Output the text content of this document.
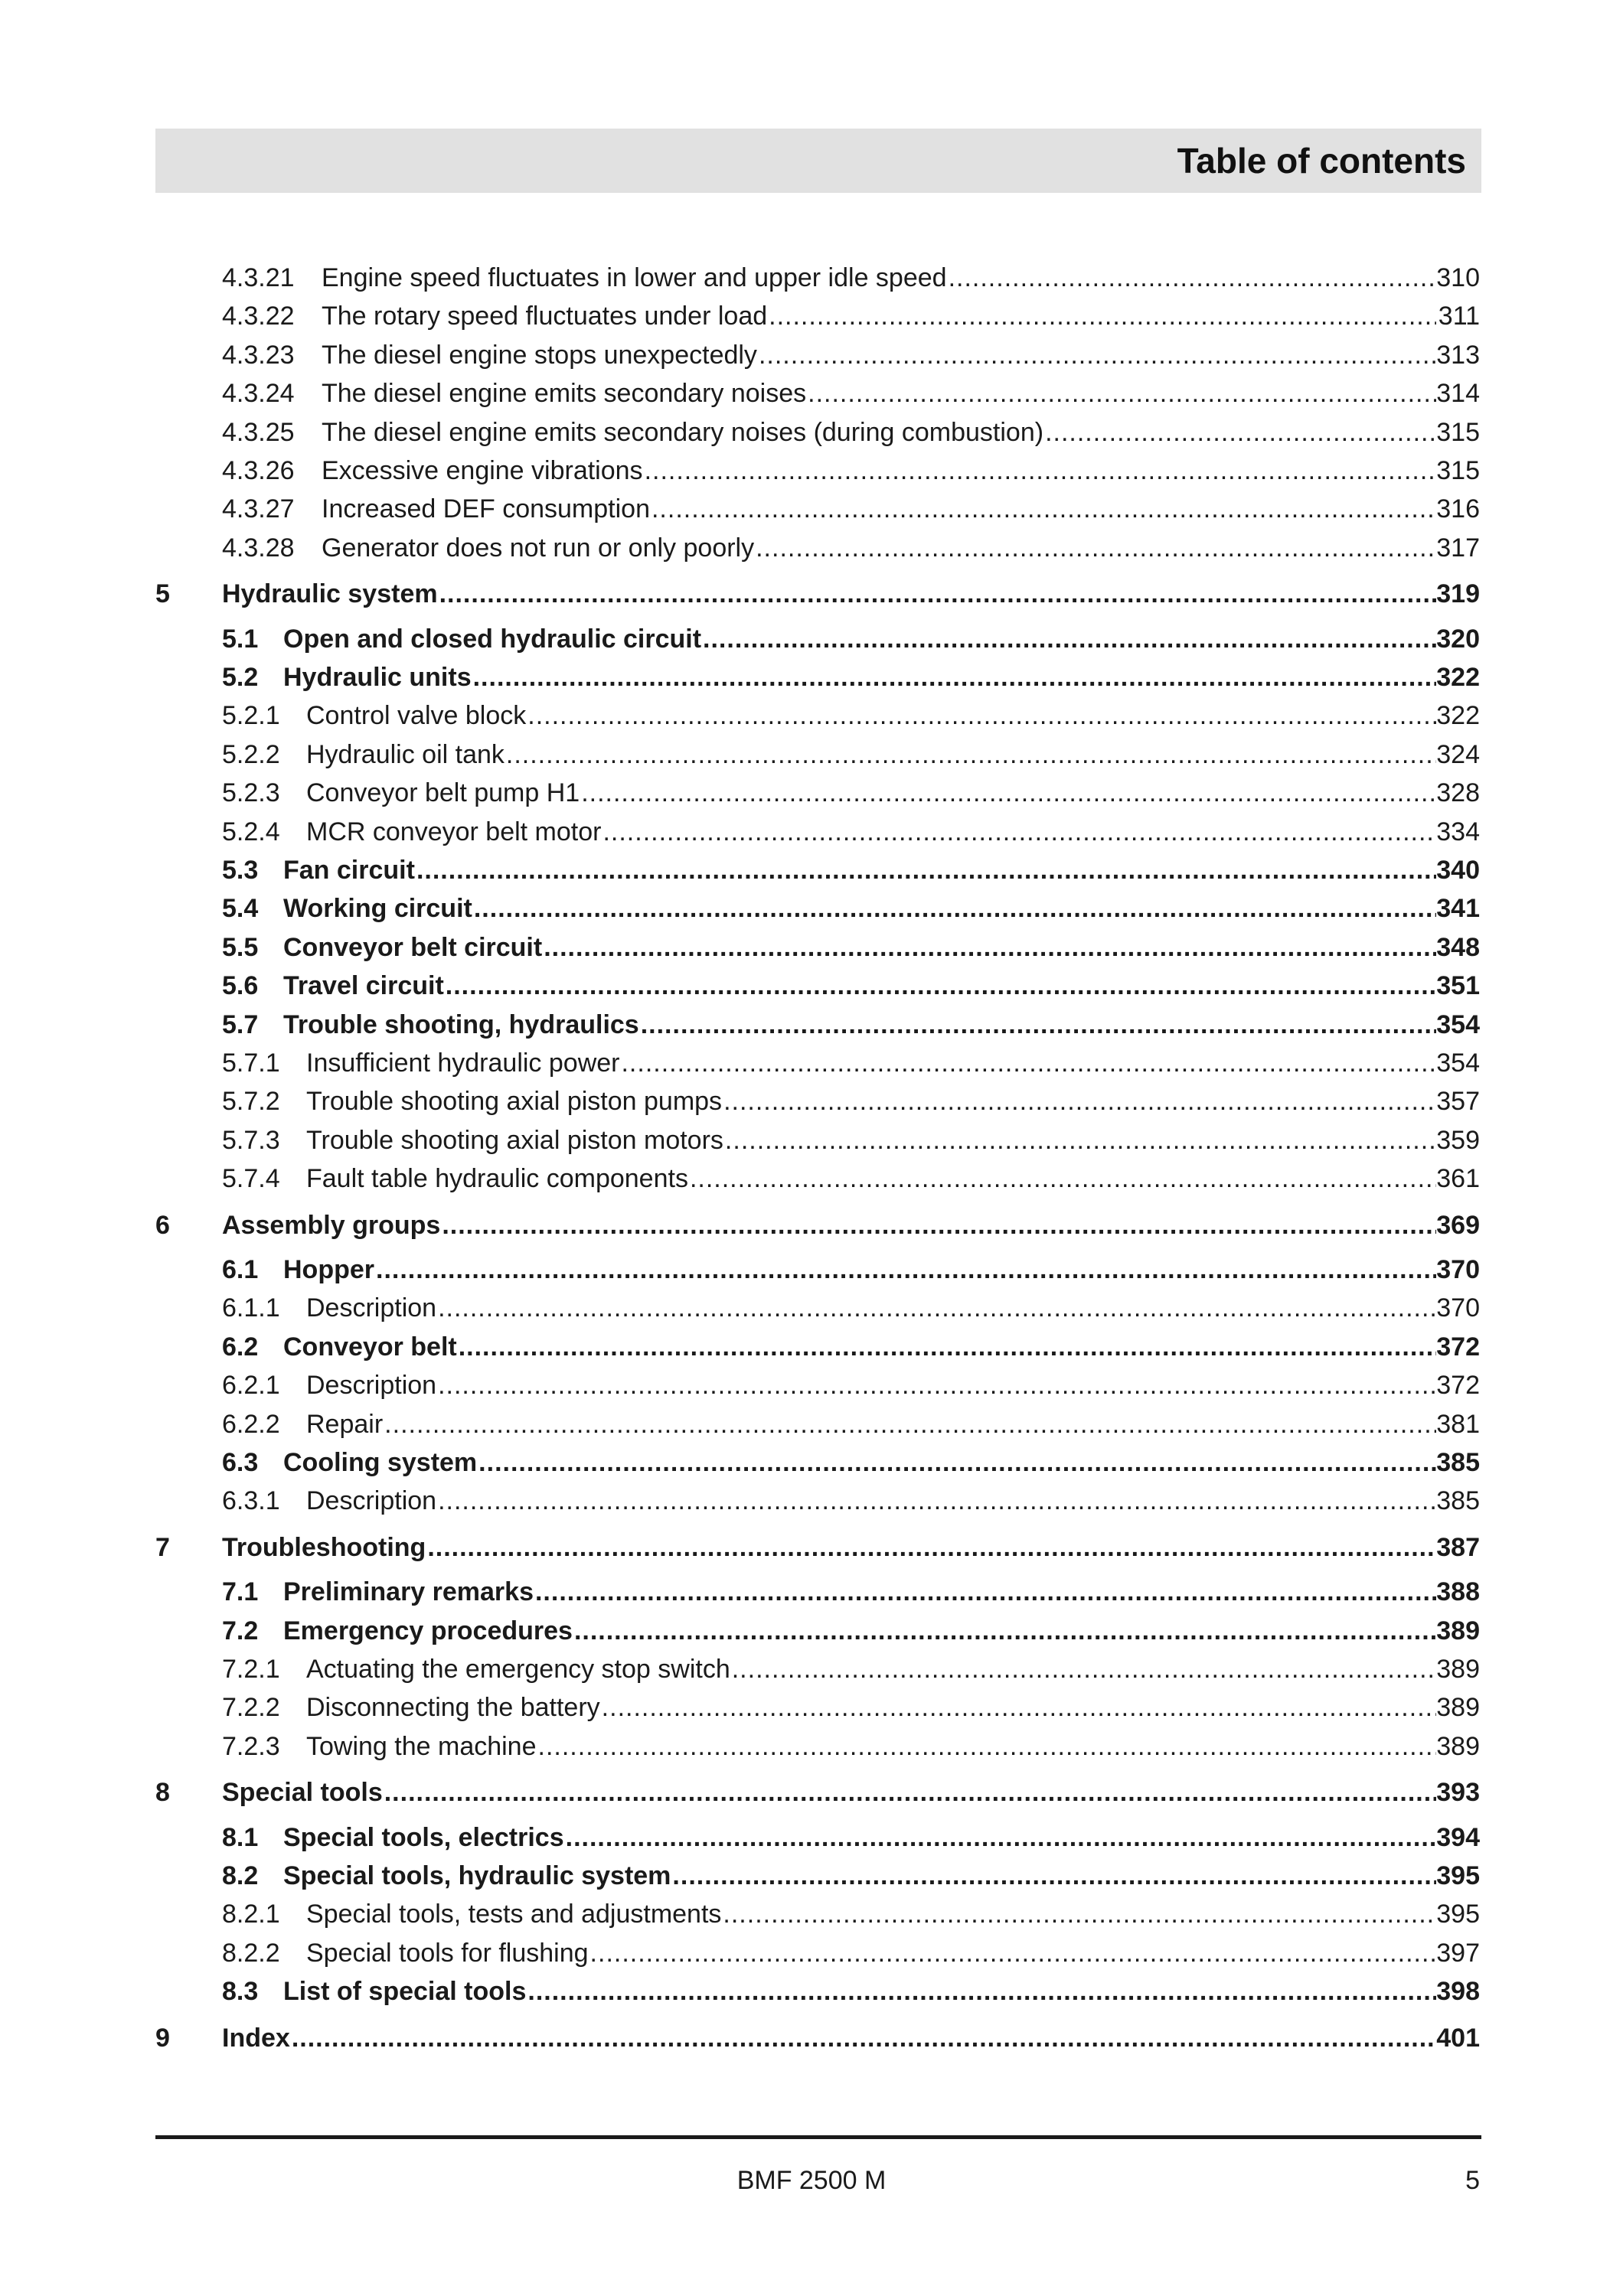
Table of contents
4.3.21 Engine speed fluctuates in lower and upper idle speed .....	310
4.3.22 The rotary speed fluctuates under load .....	311
4.3.23 The diesel engine stops unexpectedly .....	313
4.3.24 The diesel engine emits secondary noises .....	314
4.3.25 The diesel engine emits secondary noises (during combustion) .....	315
4.3.26 Excessive engine vibrations .....	315
4.3.27 Increased DEF consumption .....	316
4.3.28 Generator does not run or only poorly .....	317
5 Hydraulic system .....	319
5.1 Open and closed hydraulic circuit .....	320
5.2 Hydraulic units .....	322
5.2.1 Control valve block .....	322
5.2.2 Hydraulic oil tank .....	324
5.2.3 Conveyor belt pump H1 .....	328
5.2.4 MCR conveyor belt motor .....	334
5.3 Fan circuit .....	340
5.4 Working circuit .....	341
5.5 Conveyor belt circuit .....	348
5.6 Travel circuit .....	351
5.7 Trouble shooting, hydraulics .....	354
5.7.1 Insufficient hydraulic power .....	354
5.7.2 Trouble shooting axial piston pumps .....	357
5.7.3 Trouble shooting axial piston motors .....	359
5.7.4 Fault table hydraulic components .....	361
6 Assembly groups .....	369
6.1 Hopper .....	370
6.1.1 Description .....	370
6.2 Conveyor belt .....	372
6.2.1 Description .....	372
6.2.2 Repair .....	381
6.3 Cooling system .....	385
6.3.1 Description .....	385
7 Troubleshooting .....	387
7.1 Preliminary remarks .....	388
7.2 Emergency procedures .....	389
7.2.1 Actuating the emergency stop switch .....	389
7.2.2 Disconnecting the battery .....	389
7.2.3 Towing the machine .....	389
8 Special tools .....	393
8.1 Special tools, electrics .....	394
8.2 Special tools, hydraulic system .....	395
8.2.1 Special tools, tests and adjustments .....	395
8.2.2 Special tools for flushing .....	397
8.3 List of special tools .....	398
9 Index .....	401
BMF 2500 M	5
